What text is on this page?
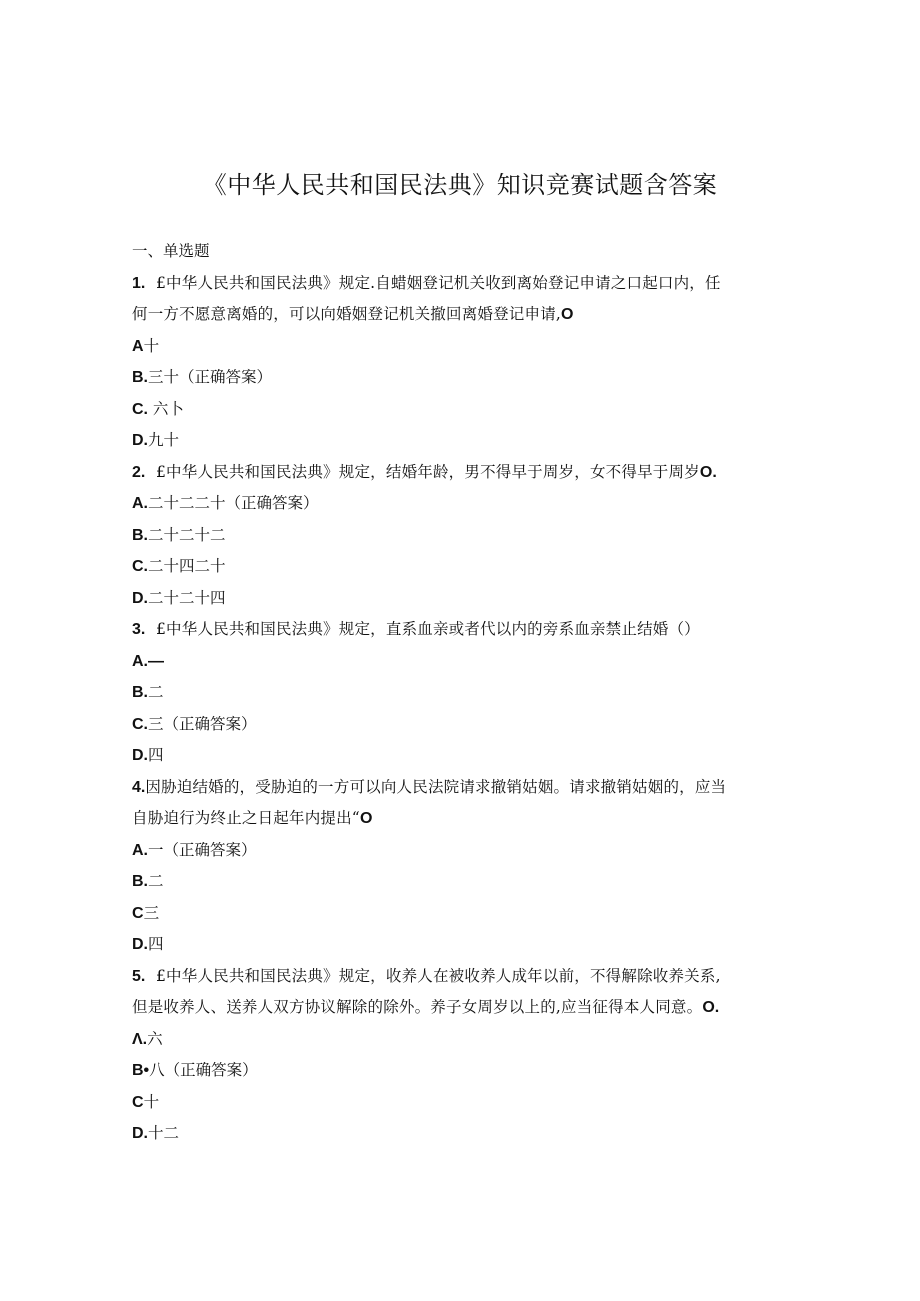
《中华人民共和国民法典》知识竞赛试题含答案
一、单选题
1. £中华人民共和国民法典》规定.自蜡姻登记机关收到离始登记申请之口起口内，任
何一方不愿意离婚的，可以向婚姻登记机关撤回离婚登记申请,O
A十
B.三十（正确答案）
C. 六卜
D.九十
2. £中华人民共和国民法典》规定，结婚年龄，男不得早于周岁，女不得早于周岁O.
A.二十二二十（正确答案）
B.二十二十二
C.二十四二十
D.二十二十四
3. £中华人民共和国民法典》规定，直系血亲或者代以内的旁系血亲禁止结婚（）
A.—
B.二
C.三（正确答案）
D.四
4.因胁迫结婚的，受胁迫的一方可以向人民法院请求撤销姑姻。请求撤销姑姻的，应当
自胁迫行为终止之日起年内提出“O
A.一（正确答案）
B.二
C三
D.四
5. £中华人民共和国民法典》规定，收养人在被收养人成年以前，不得解除收养关系,
但是收养人、送养人双方协议解除的除外。养子女周岁以上的,应当征得本人同意。O.
Λ.六
B•八（正确答案）
C十
D.十二
